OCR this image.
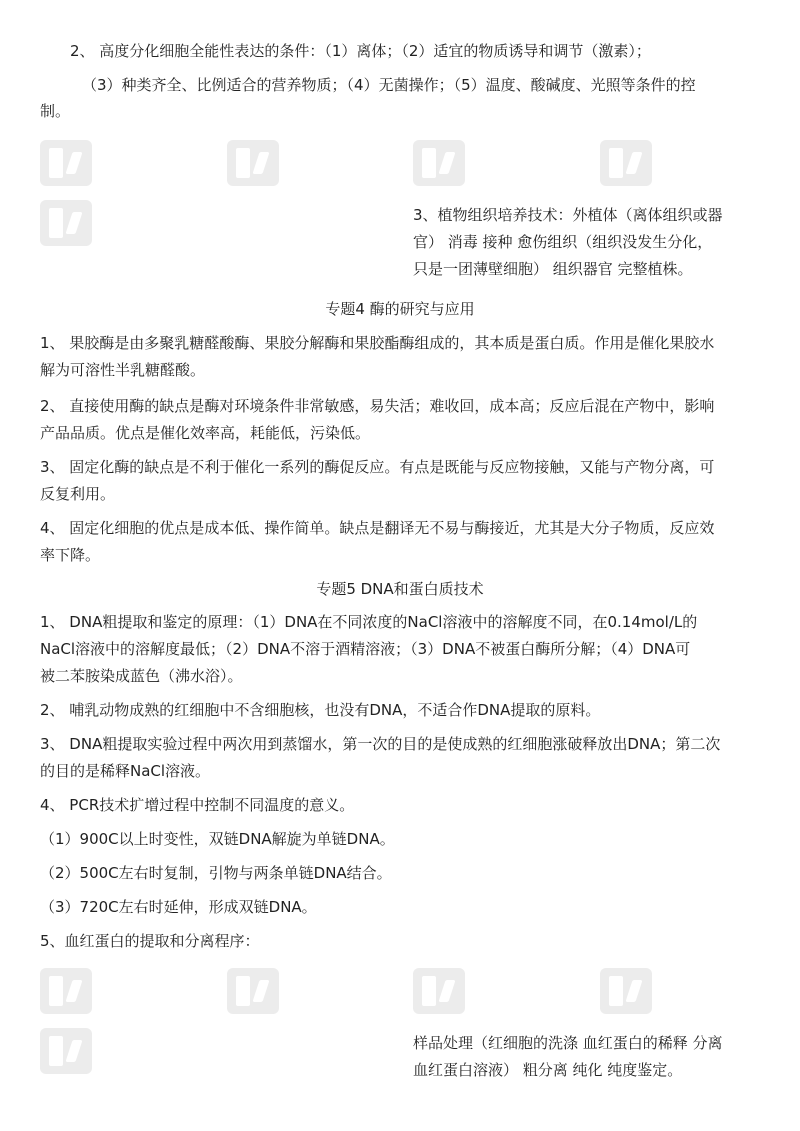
2、 高度分化细胞全能性表达的条件：（1）离体；（2）适宜的物质诱导和调节（激素）；

（3）种类齐全、比例适合的营养物质；（4）无菌操作；（5）温度、酸碱度、光照等条件的控

制。

3、植物组织培养技术：外植体（离体组织或器

官） 消毒 接种 愈伤组织（组织没发生分化，

只是一团薄壁细胞） 组织器官 完整植株。

专题4 酶的研究与应用

1、 果胶酶是由多聚乳糖醛酸酶、果胶分解酶和果胶酯酶组成的，其本质是蛋白质。作用是催化果胶水

解为可溶性半乳糖醛酸。

2、 直接使用酶的缺点是酶对环境条件非常敏感，易失活；难收回，成本高；反应后混在产物中，影响

产品品质。优点是催化效率高，耗能低，污染低。

3、 固定化酶的缺点是不利于催化一系列的酶促反应。有点是既能与反应物接触，又能与产物分离，可

反复利用。

4、 固定化细胞的优点是成本低、操作简单。缺点是翻译无不易与酶接近，尤其是大分子物质，反应效

率下降。

专题5 DNA和蛋白质技术

1、 DNA粗提取和鉴定的原理：（1）DNA在不同浓度的NaCl溶液中的溶解度不同，在0.14mol/L的

NaCl溶液中的溶解度最低；（2）DNA不溶于酒精溶液；（3）DNA不被蛋白酶所分解；（4）DNA可

被二苯胺染成蓝色（沸水浴）。

2、 哺乳动物成熟的红细胞中不含细胞核，也没有DNA，不适合作DNA提取的原料。

3、 DNA粗提取实验过程中两次用到蒸馏水，第一次的目的是使成熟的红细胞涨破释放出DNA；第二次

的目的是稀释NaCl溶液。

4、 PCR技术扩增过程中控制不同温度的意义。

（1）900C以上时变性，双链DNA解旋为单链DNA。

（2）500C左右时复制，引物与两条单链DNA结合。

（3）720C左右时延伸，形成双链DNA。

5、血红蛋白的提取和分离程序：

样品处理（红细胞的洗涤 血红蛋白的稀释 分离

血红蛋白溶液） 粗分离 纯化 纯度鉴定。
